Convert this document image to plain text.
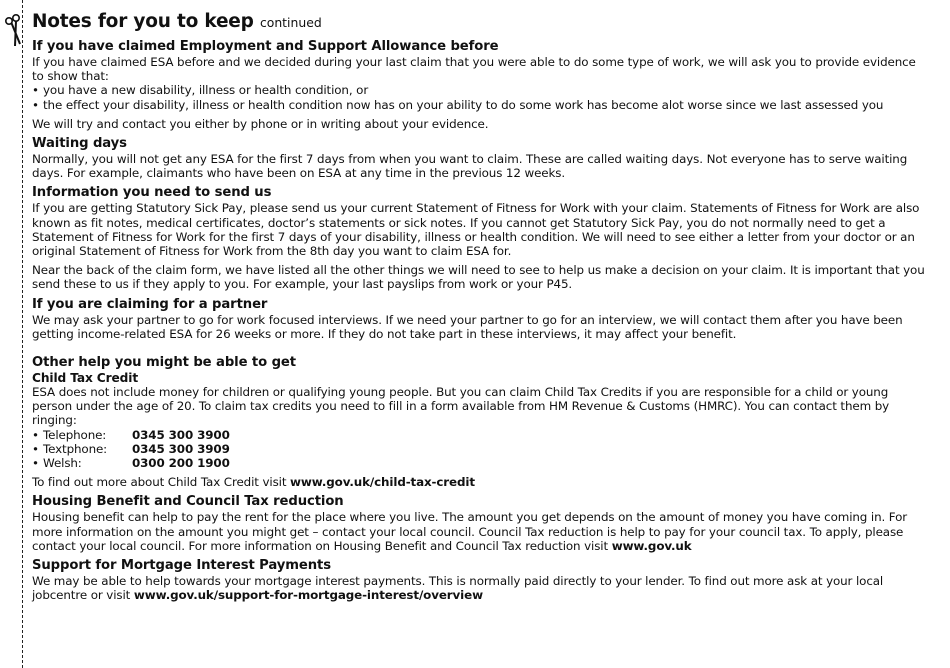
Notes for you to keep continued
If you have claimed Employment and Support Allowance before

If you have claimed ESA before and we decided during your last claim that you were able to do some type of work, we will ask you to provide evidence to show that:

• you have a new disability, illness or health condition, or
• the effect your disability, illness or health condition now has on your ability to do some work has become alot worse since we last assessed you

We will try and contact you either by phone or in writing about your evidence.

Waiting days

Normally, you will not get any ESA for the first 7 days from when you want to claim. These are called waiting days. Not everyone has to serve waiting days. For example, claimants who have been on ESA at any time in the previous 12 weeks.

Information you need to send us

If you are getting Statutory Sick Pay, please send us your current Statement of Fitness for Work with your claim. Statements of Fitness for Work are also known as fit notes, medical certificates, doctor’s statements or sick notes. If you cannot get Statutory Sick Pay, you do not normally need to get a Statement of Fitness for Work for the first 7 days of your disability, illness or health condition. We will need to see either a letter from your doctor or an original Statement of Fitness for Work from the 8th day you want to claim ESA for.

Near the back of the claim form, we have listed all the other things we will need to see to help us make a decision on your claim. It is important that you send these to us if they apply to you. For example, your last payslips from work or your P45.

If you are claiming for a partner

We may ask your partner to go for work focused interviews. If we need your partner to go for an interview, we will contact them after you have been getting income-related ESA for 26 weeks or more. If they do not take part in these interviews, it may affect your benefit.

Other help you might be able to get
Child Tax Credit

ESA does not include money for children or qualifying young people. But you can claim Child Tax Credits if you are responsible for a child or young person under the age of 20. To claim tax credits you need to fill in a form available from HM Revenue & Customs (HMRC). You can contact them by ringing:

• Telephone: 0345 300 3900
• Textphone: 0345 300 3909
• Welsh:	0300 200 1900

To find out more about Child Tax Credit visit www.gov.uk/child-tax-credit

Housing Benefit and Council Tax reduction

Housing benefit can help to pay the rent for the place where you live. The amount you get depends on the amount of money you have coming in. For more information on the amount you might get – contact your local council. Council Tax reduction is help to pay for your council tax. To apply, please contact your local council. For more information on Housing Benefit and Council Tax reduction visit www.gov.uk

Support for Mortgage Interest Payments

We may be able to help towards your mortgage interest payments. This is normally paid directly to your lender. To find out more ask at your local jobcentre or visit www.gov.uk/support-for-mortgage-interest/overview
